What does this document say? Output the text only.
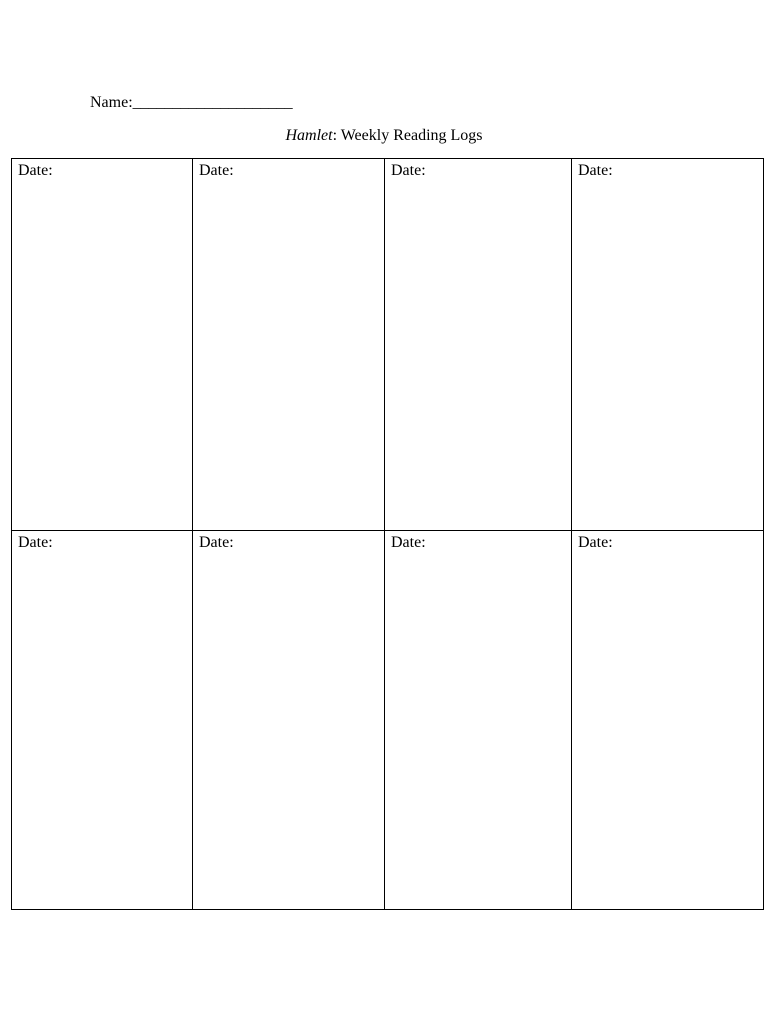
Name:____________________
Hamlet: Weekly Reading Logs
Date:	Date:	Date:	Date:
Date:	Date:	Date:	Date:
